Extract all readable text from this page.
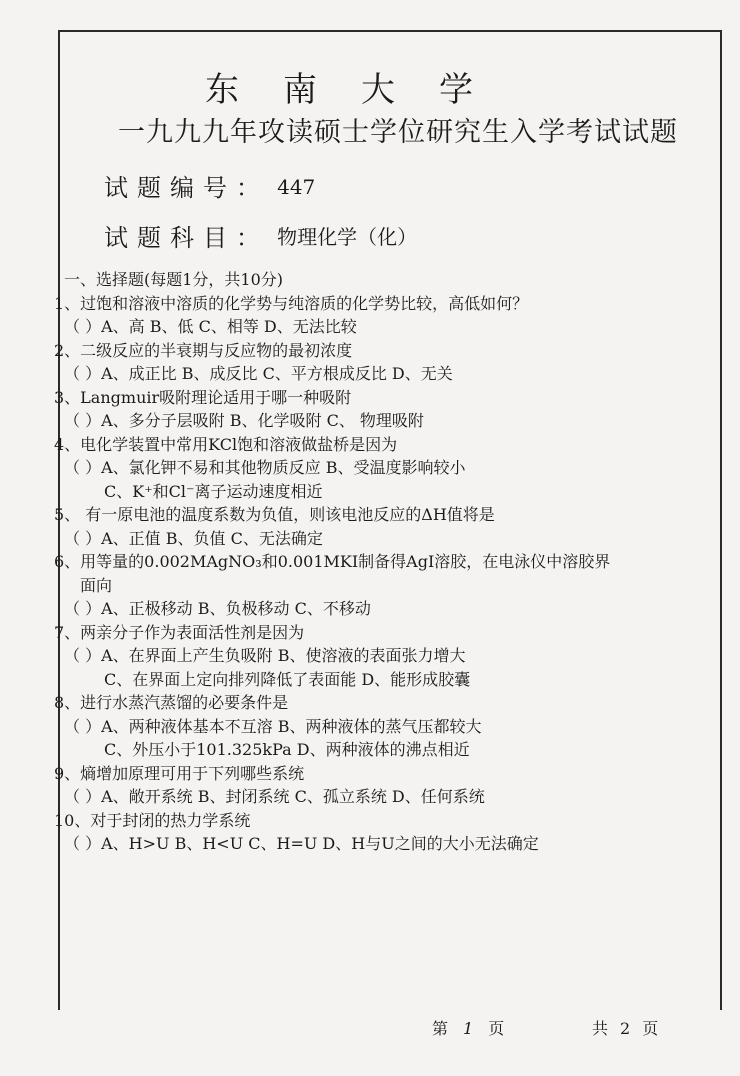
东南大学
一九九九年攻读硕士学位研究生入学考试试题
试题编号： 447
试题科目： 物理化学（化）
一、选择题(每题1分，共10分)
1、过饱和溶液中溶质的化学势与纯溶质的化学势比较，高低如何？
（ ）A、高 B、低 C、相等 D、无法比较
2、二级反应的半衰期与反应物的最初浓度
（ ）A、成正比 B、成反比 C、平方根成反比 D、无关
3、Langmuir吸附理论适用于哪一种吸附
（ ）A、多分子层吸附 B、化学吸附 C、 物理吸附
4、电化学装置中常用KCl饱和溶液做盐桥是因为
（ ）A、氯化钾不易和其他物质反应 B、受温度影响较小
C、K⁺和Cl⁻离子运动速度相近
5、 有一原电池的温度系数为负值，则该电池反应的ΔH值将是
（ ）A、正值 B、负值 C、无法确定
6、用等量的0.002MAgNO₃和0.001MKI制备得AgI溶胶，在电泳仪中溶胶界
面向
（ ）A、正极移动 B、负极移动 C、不移动
7、两亲分子作为表面活性剂是因为
（ ）A、在界面上产生负吸附 B、使溶液的表面张力增大
C、在界面上定向排列降低了表面能 D、能形成胶囊
8、进行水蒸汽蒸馏的必要条件是
（ ）A、两种液体基本不互溶 B、两种液体的蒸气压都较大
C、外压小于101.325kPa D、两种液体的沸点相近
9、熵增加原理可用于下列哪些系统
（ ）A、敞开系统 B、封闭系统 C、孤立系统 D、任何系统
10、对于封闭的热力学系统
（ ）A、H>U B、H<U C、H=U D、H与U之间的大小无法确定
第 1 页	共 2 页
